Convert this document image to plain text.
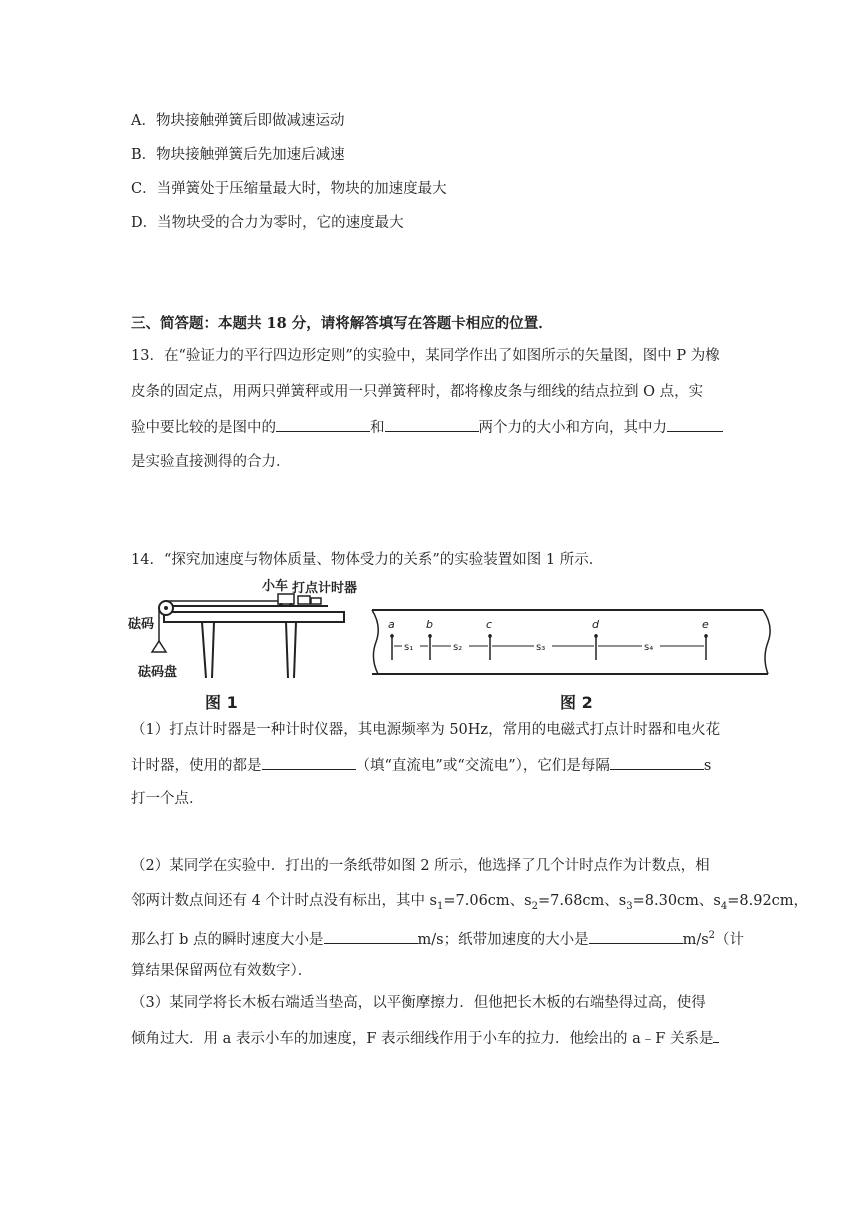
A．物块接触弹簧后即做减速运动
B．物块接触弹簧后先加速后减速
C．当弹簧处于压缩量最大时，物块的加速度最大
D．当物块受的合力为零时，它的速度最大
三、简答题：本题共 18 分，请将解答填写在答题卡相应的位置．
13．在“验证力的平行四边形定则”的实验中，某同学作出了如图所示的矢量图，图中 P 为橡
皮条的固定点，用两只弹簧秤或用一只弹簧秤时，都将橡皮条与细线的结点拉到 O 点，实
验中要比较的是图中的	和	两个力的大小和方向，其中力
是实验直接测得的合力．
14．“探究加速度与物体质量、物体受力的关系”的实验装置如图 1 所示．
小车 打点计时器
砝码
砝码盘
图 1
a	b	c	d	e
s₁	s₂	s₃	s₄
图 2
（1）打点计时器是一种计时仪器，其电源频率为 50Hz，常用的电磁式打点计时器和电火花
计时器，使用的都是	（填“直流电”或“交流电”），它们是每隔	s
打一个点．
（2）某同学在实验中．打出的一条纸带如图 2 所示，他选择了几个计时点作为计数点，相
邻两计数点间还有 4 个计时点没有标出，其中 $s_1=7.06cm$、$s_2=7.68cm$、$s_3=8.30cm$、$s_4=8.92cm$，
那么打 b 点的瞬时速度大小是	m/s；纸带加速度的大小是	$m/s^2$（计
算结果保留两位有效数字）．
（3）某同学将长木板右端适当垫高，以平衡摩擦力．但他把长木板的右端垫得过高，使得
倾角过大．用 a 表示小车的加速度，F 表示细线作用于小车的拉力．他绘出的 a﹣F 关系是
